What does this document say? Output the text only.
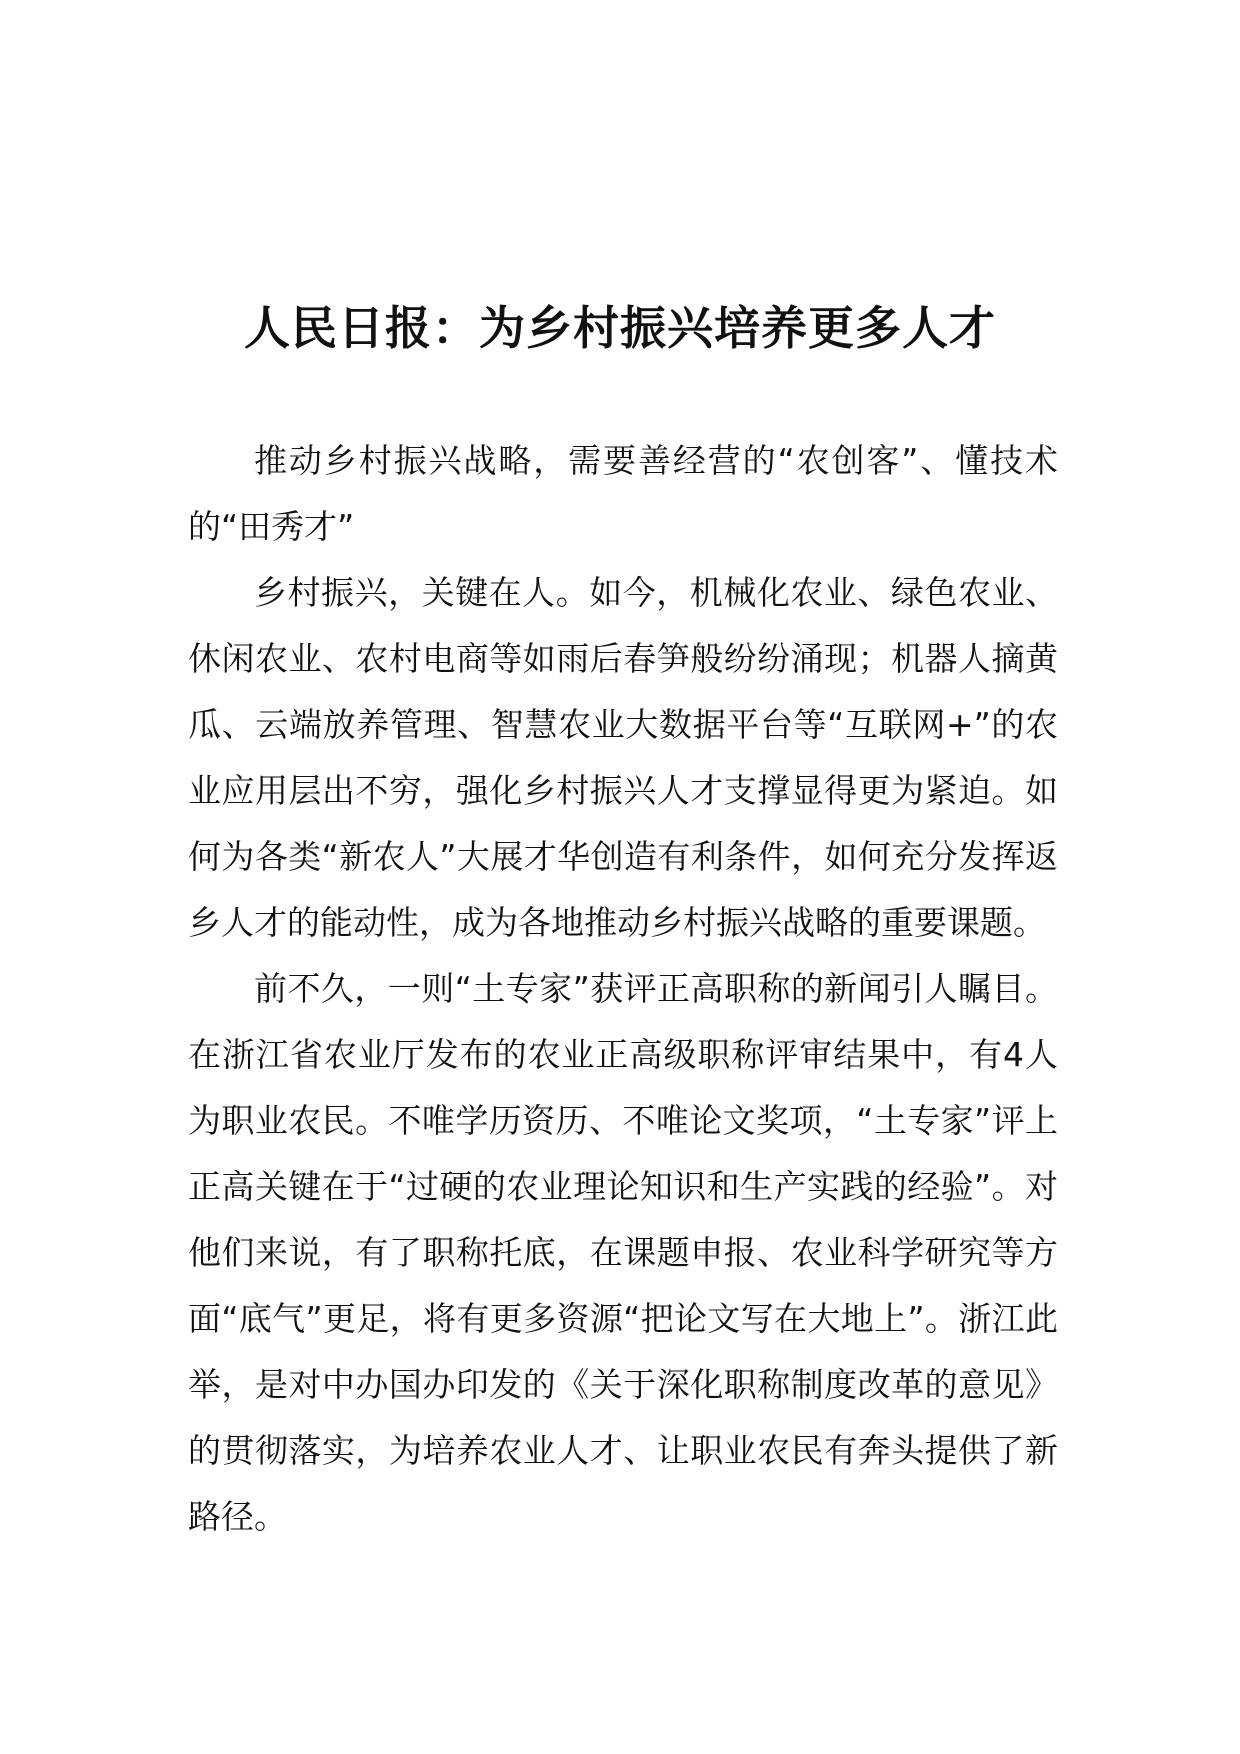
人民日报：为乡村振兴培养更多人才

推动乡村振兴战略，需要善经营的“农创客”、懂技术的“田秀才”

乡村振兴，关键在人。如今，机械化农业、绿色农业、休闲农业、农村电商等如雨后春笋般纷纷涌现；机器人摘黄瓜、云端放养管理、智慧农业大数据平台等“互联网+”的农业应用层出不穷，强化乡村振兴人才支撑显得更为紧迫。如何为各类“新农人”大展才华创造有利条件，如何充分发挥返乡人才的能动性，成为各地推动乡村振兴战略的重要课题。

前不久，一则“土专家”获评正高职称的新闻引人瞩目。在浙江省农业厅发布的农业正高级职称评审结果中，有4人为职业农民。不唯学历资历、不唯论文奖项，“土专家”评上正高关键在于“过硬的农业理论知识和生产实践的经验”。对他们来说，有了职称托底，在课题申报、农业科学研究等方面“底气”更足，将有更多资源“把论文写在大地上”。浙江此举，是对中办国办印发的《关于深化职称制度改革的意见》的贯彻落实，为培养农业人才、让职业农民有奔头提供了新路径。
